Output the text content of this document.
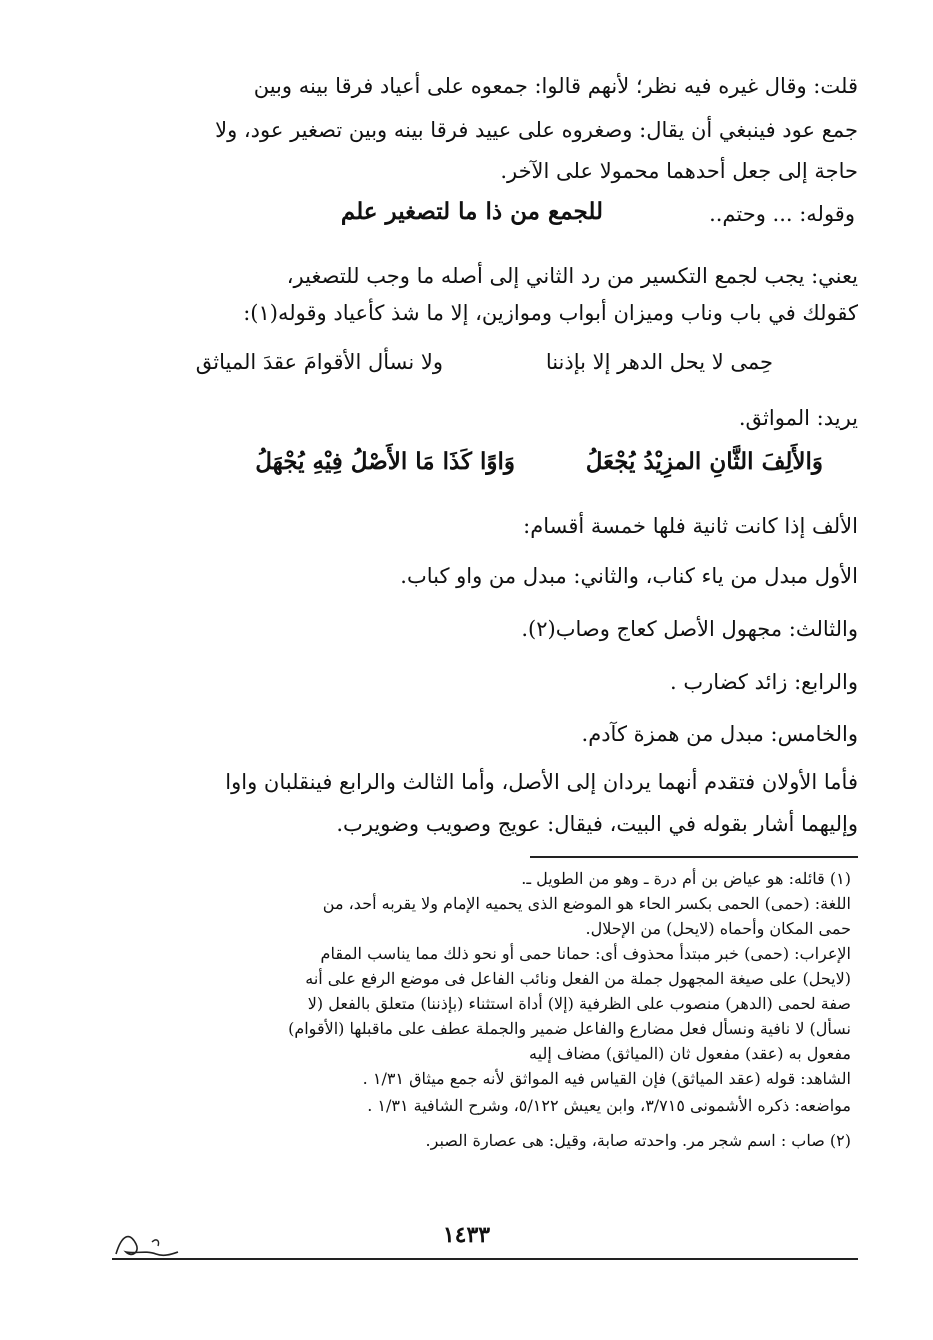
قلت: وقال غيره فيه نظر؛ لأنهم قالوا: جمعوه على أعياد فرقا بينه وبين
جمع عود فينبغي أن يقال: وصغروه على عييد فرقا بينه وبين تصغير عود، ولا
حاجة إلى جعل أحدهما محمولا على الآخر.
وقوله: ... وحتم..
للجمع من ذا ما لتصغير علم
يعني: يجب لجمع التكسير من رد الثاني إلى أصله ما وجب للتصغير،
كقولك في باب وناب وميزان أبواب وموازين، إلا ما شذ كأعياد وقوله(١):
حِمى لا يحل الدهر إلا بإذننا
ولا نسأل الأقوامَ عقدَ المياثق
يريد: المواثق.
وَالأَلِفَ الثَّانِ المزِيْدُ يُجْعَلُ
وَاوًا كَذَا مَا الأَصْلُ فِيْهِ يُجْهَلُ
الألف إذا كانت ثانية فلها خمسة أقسام:
الأول مبدل من ياء كناب، والثاني: مبدل من واو كباب.
والثالث: مجهول الأصل كعاج وصاب(٢).
والرابع: زائد كضارب .
والخامس: مبدل من همزة كآدم.
فأما الأولان فتقدم أنهما يردان إلى الأصل، وأما الثالث والرابع فينقلبان واوا
وإليهما أشار بقوله في البيت، فيقال: عويج وصويب وضويرب.
(١) قائله: هو عياض بن أم درة ـ وهو من الطويل ـ.
اللغة: (حمى) الحمى بكسر الحاء هو الموضع الذى يحميه الإمام ولا يقربه أحد، من
حمى المكان وأحماه (لايحل) من الإحلال.
الإعراب: (حمى) خبر مبتدأ محذوف أى: حمانا حمى أو نحو ذلك مما يناسب المقام
(لايحل) على صيغة المجهول جملة من الفعل ونائب الفاعل فى موضع الرفع على أنه
صفة لحمى (الدهر) منصوب على الظرفية (إلا) أداة استثناء (بإذننا) متعلق بالفعل (لا
نسأل) لا نافية ونسأل فعل مضارع والفاعل ضمير والجملة عطف على ماقبلها (الأقوام)
مفعول به (عقد) مفعول ثان (المياثق) مضاف إليه
الشاهد: قوله (عقد المياثق) فإن القياس فيه المواثق لأنه جمع ميثاق ١/٣١ .
مواضعه: ذكره الأشمونى ٣/٧١٥، وابن يعيش ٥/١٢٢، وشرح الشافية ١/٣١ .
(٢) صاب : اسم شجر مر. واحدته صابة، وقيل: هى عصارة الصبر.
١٤٣٣
